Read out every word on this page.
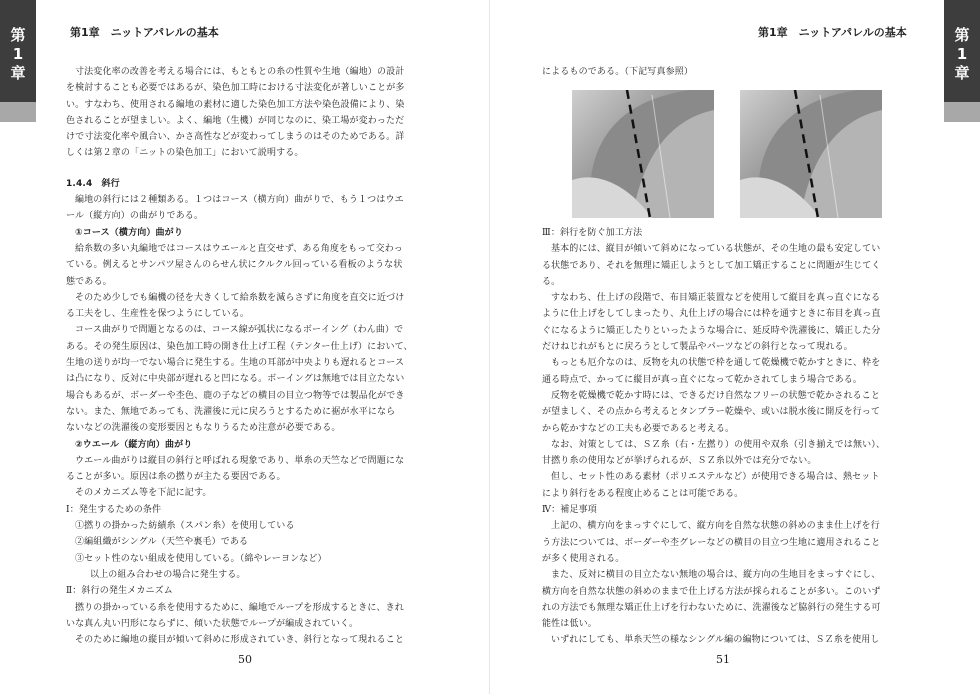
第
1
章
第1章　ニットアパレルの基本

寸法変化率の改善を考える場合には、もともとの糸の性質や生地（編地）の設計

を検討することも必要ではあるが、染色加工時における寸法変化が著しいことが多

い。すなわち、使用される編地の素材に適した染色加工方法や染色設備により、染

色されることが望ましい。よく、編地（生機）が同じなのに、染工場が変わっただ

けで寸法変化率や風合い、かさ高性などが変わってしまうのはそのためである。詳

しくは第２章の「ニットの染色加工」において説明する。

1.4.4　斜行

編地の斜行には２種類ある。１つはコース（横方向）曲がりで、もう１つはウエ

ール（縦方向）の曲がりである。

①コース（横方向）曲がり

給糸数の多い丸編地ではコースはウエールと直交せず、ある角度をもって交わっ

ている。例えるとサンパツ屋さんのらせん状にクルクル回っている看板のような状

態である。

そのため少しでも編機の径を大きくして給糸数を減らさずに角度を直交に近づけ

る工夫をし、生産性を保つようにしている。

コース曲がりで問題となるのは、コース線が弧状になるボーイング（わん曲）で

ある。その発生原因は、染色加工時の開き仕上げ工程（テンター仕上げ）において、

生地の送りが均一でない場合に発生する。生地の耳部が中央よりも遅れるとコース

は凸になり、反対に中央部が遅れると凹になる。ボーイングは無地では目立たない

場合もあるが、ボーダーや杢色、鹿の子などの横目の目立つ物等では製品化ができ

ない。また、無地であっても、洗濯後に元に戻ろうとするために裾が水平になら

ないなどの洗濯後の変形要因ともなりうるため注意が必要である。

②ウエール（縦方向）曲がり

ウエール曲がりは縦目の斜行と呼ばれる現象であり、単糸の天竺などで問題にな

ることが多い。原因は糸の撚りが主たる要因である。

そのメカニズム等を下記に記す。

Ⅰ：発生するための条件

①撚りの掛かった紡績糸（スパン糸）を使用している

②編組織がシングル（天竺や裏毛）である

③セット性のない組成を使用している。（綿やレーヨンなど）

以上の組み合わせの場合に発生する。

Ⅱ：斜行の発生メカニズム

撚りの掛かっている糸を使用するために、編地でループを形成するときに、きれ

いな真ん丸い円形にならずに、傾いた状態でループが編成されていく。

そのために編地の縦目が傾いて斜めに形成されていき、斜行となって現れること

50
第
1
章
第1章　ニットアパレルの基本

によるものである。（下記写真参照）

Ⅲ：斜行を防ぐ加工方法

基本的には、縦目が傾いて斜めになっている状態が、その生地の最も安定してい

る状態であり、それを無理に矯正しようとして加工矯正することに問題が生じてく

る。

すなわち、仕上げの段階で、布目矯正装置などを使用して縦目を真っ直ぐになる

ように仕上げをしてしまったり、丸仕上げの場合には枠を通すときに布目を真っ直

ぐになるように矯正したりといったような場合に、延反時や洗濯後に、矯正した分

だけねじれがもとに戻ろうとして製品やパーツなどの斜行となって現れる。

もっとも厄介なのは、反物を丸の状態で枠を通して乾燥機で乾かすときに、枠を

通る時点で、かってに縦目が真っ直ぐになって乾かされてしまう場合である。

反物を乾燥機で乾かす時には、できるだけ自然なフリーの状態で乾かされること

が望ましく、その点から考えるとタンブラー乾燥や、或いは脱水後に開反を行って

から乾かすなどの工夫も必要であると考える。

なお、対策としては、ＳＺ糸（右・左撚り）の使用や双糸（引き揃えでは無い）、

甘撚り糸の使用などが挙げられるが、ＳＺ糸以外では充分でない。

但し、セット性のある素材（ポリエステルなど）が使用できる場合は、熱セット

により斜行をある程度止めることは可能である。

Ⅳ：補足事項

上記の、横方向をまっすぐにして、縦方向を自然な状態の斜めのまま仕上げを行

う方法については、ボーダーや杢グレーなどの横目の目立つ生地に適用されること

が多く使用される。

また、反対に横目の目立たない無地の場合は、縦方向の生地目をまっすぐにし、

横方向を自然な状態の斜めのままで仕上げる方法が採られることが多い。このいず

れの方法でも無理な矯正仕上げを行わないために、洗濯後など脇斜行の発生する可

能性は低い。

いずれにしても、単糸天竺の様なシングル編の編物については、ＳＺ糸を使用し

51
